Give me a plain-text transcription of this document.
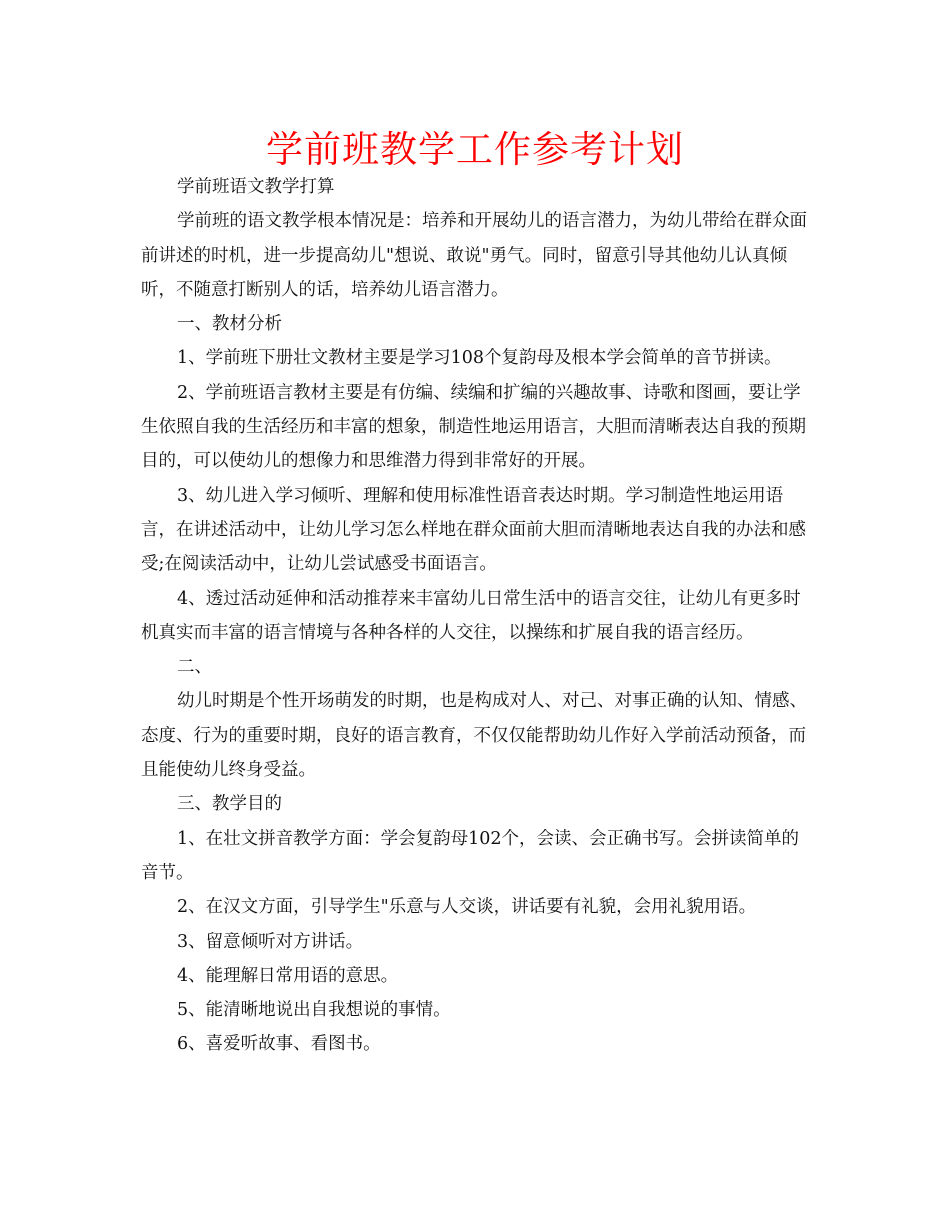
学前班教学工作参考计划

学前班语文教学打算

学前班的语文教学根本情况是：培养和开展幼儿的语言潜力，为幼儿带给在群众面前讲述的时机，进一步提高幼儿"想说、敢说"勇气。同时，留意引导其他幼儿认真倾听，不随意打断别人的话，培养幼儿语言潜力。

一、教材分析

1、学前班下册壮文教材主要是学习108个复韵母及根本学会简单的音节拼读。

2、学前班语言教材主要是有仿编、续编和扩编的兴趣故事、诗歌和图画，要让学生依照自我的生活经历和丰富的想象，制造性地运用语言，大胆而清晰表达自我的预期目的，可以使幼儿的想像力和思维潜力得到非常好的开展。

3、幼儿进入学习倾听、理解和使用标准性语音表达时期。学习制造性地运用语言，在讲述活动中，让幼儿学习怎么样地在群众面前大胆而清晰地表达自我的办法和感受;在阅读活动中，让幼儿尝试感受书面语言。

4、透过活动延伸和活动推荐来丰富幼儿日常生活中的语言交往，让幼儿有更多时机真实而丰富的语言情境与各种各样的人交往，以操练和扩展自我的语言经历。

二、

幼儿时期是个性开场萌发的时期，也是构成对人、对己、对事正确的认知、情感、态度、行为的重要时期，良好的语言教育，不仅仅能帮助幼儿作好入学前活动预备，而且能使幼儿终身受益。

三、教学目的

1、在壮文拼音教学方面：学会复韵母102个，会读、会正确书写。会拼读简单的音节。

2、在汉文方面，引导学生"乐意与人交谈，讲话要有礼貌，会用礼貌用语。

3、留意倾听对方讲话。

4、能理解日常用语的意思。

5、能清晰地说出自我想说的事情。

6、喜爱听故事、看图书。
